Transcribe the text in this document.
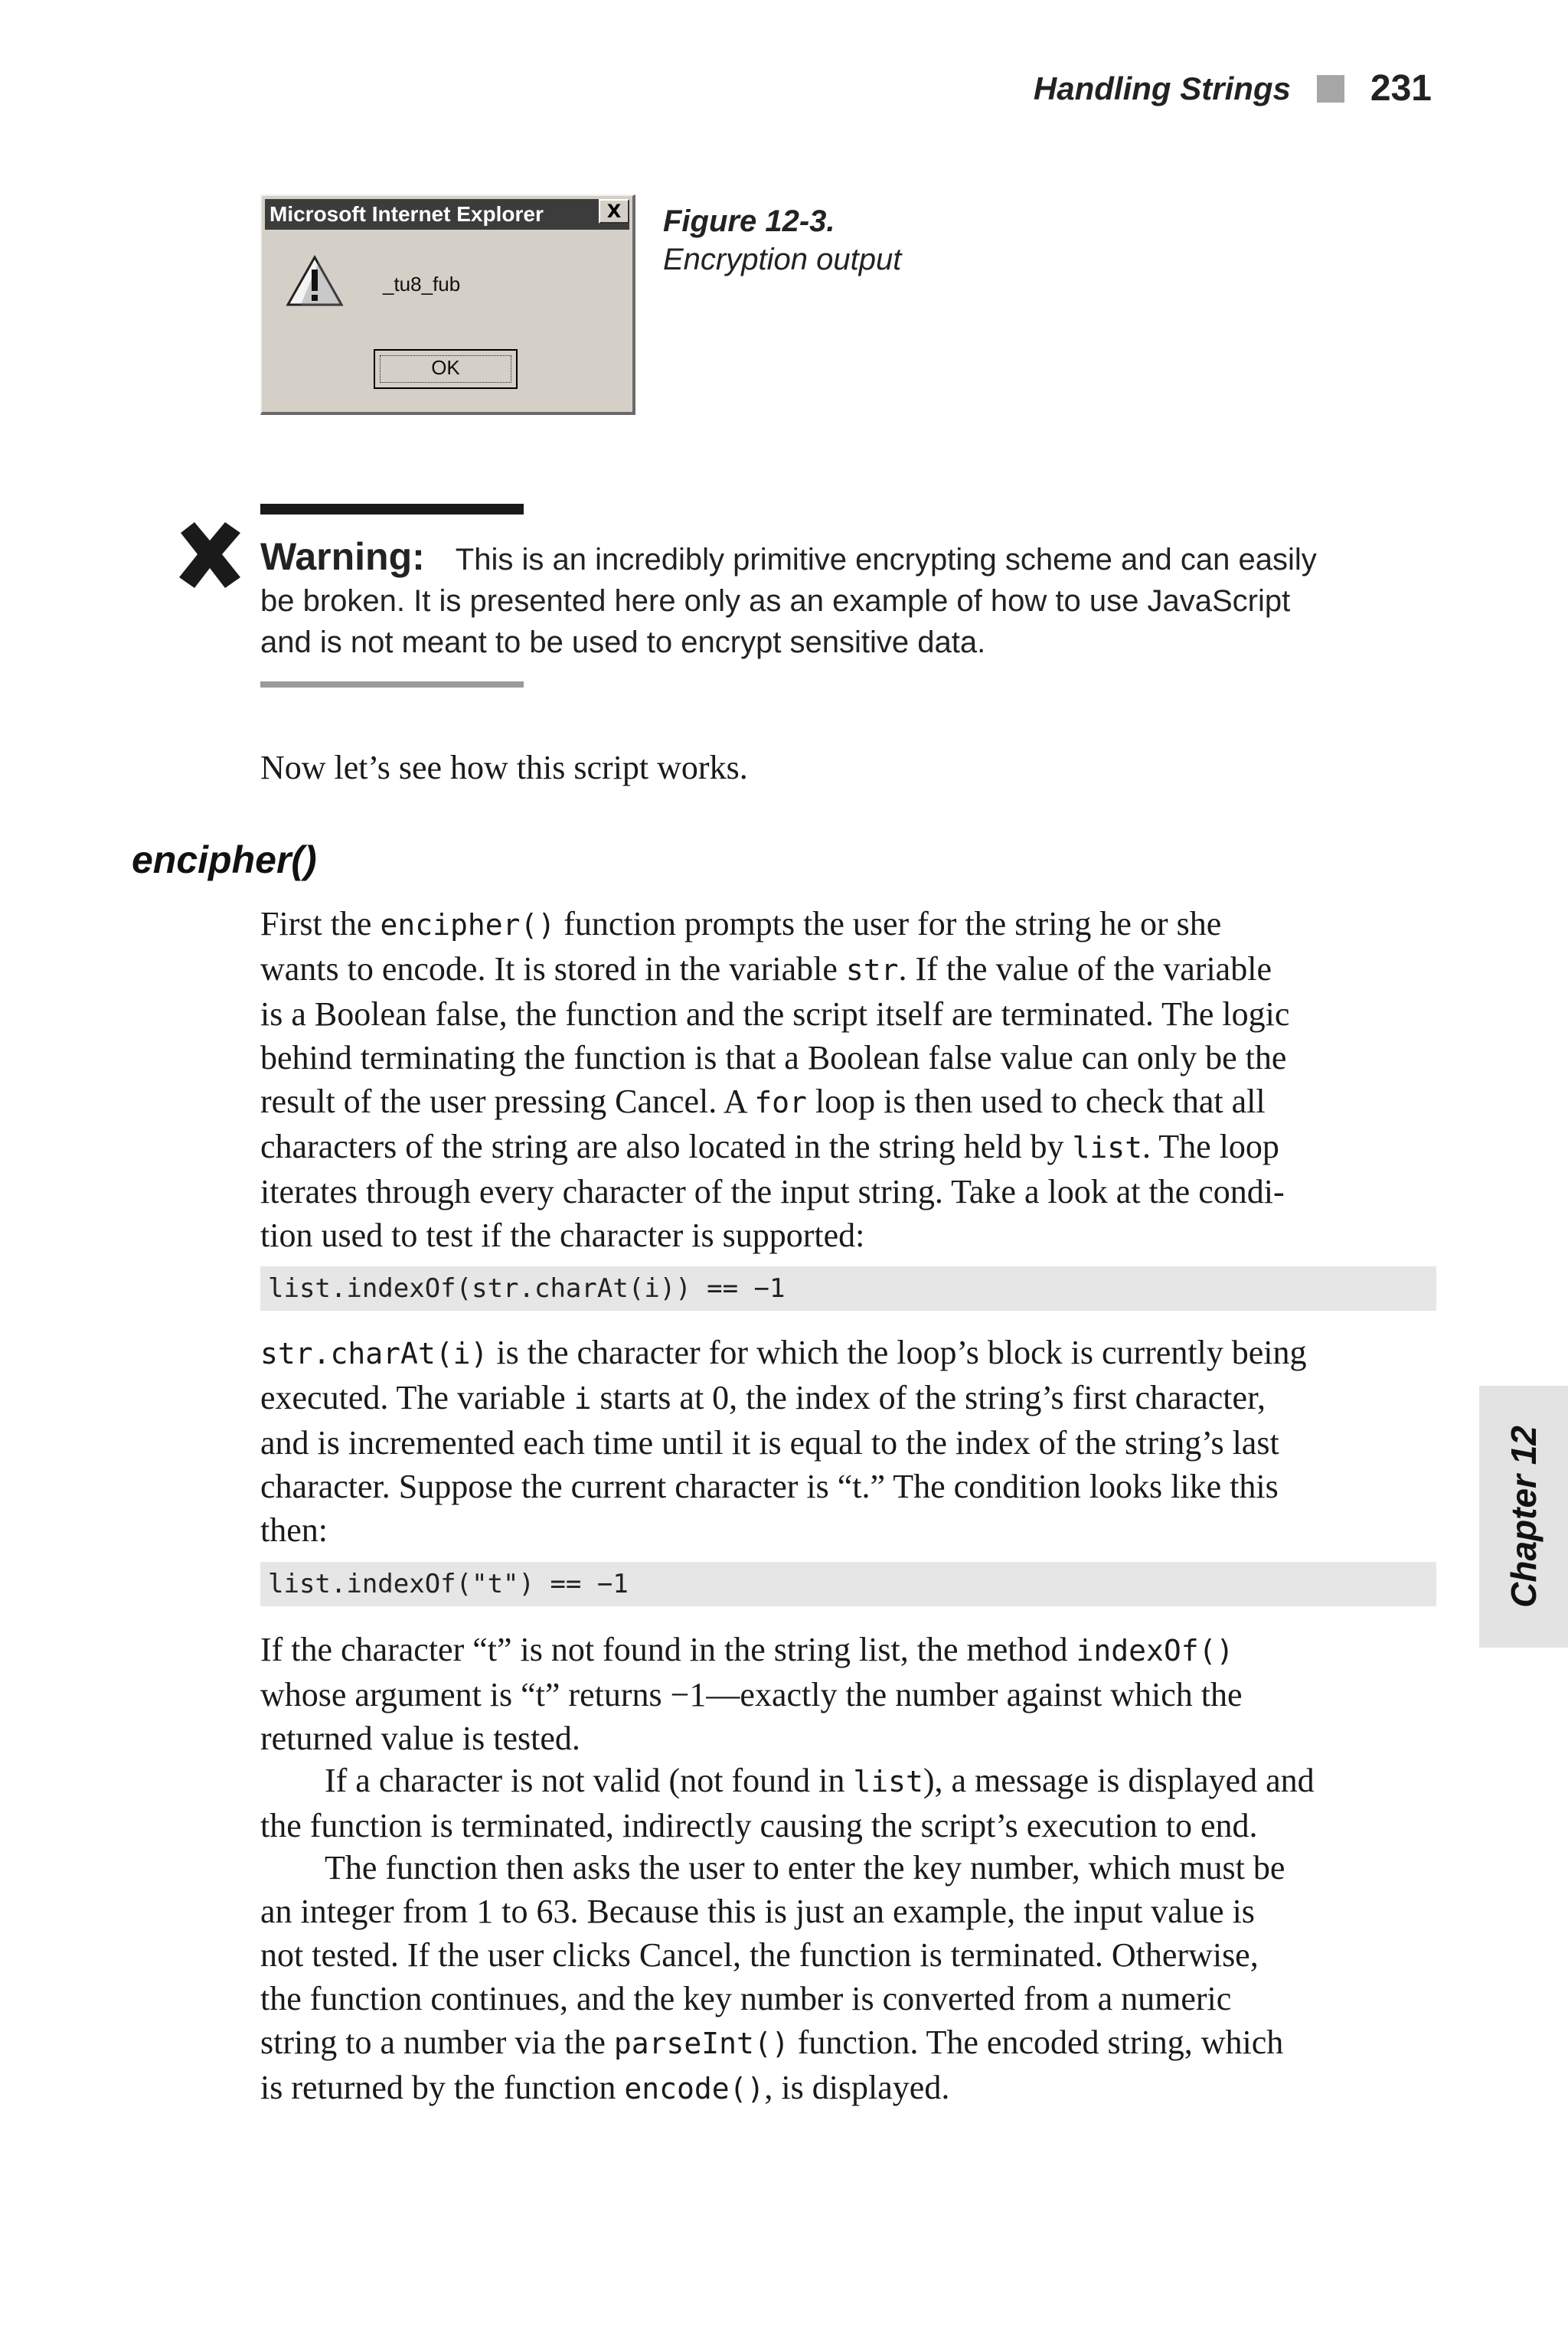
Handling Strings 231
Microsoft Internet Explorer	X
_tu8_fub
OK
Figure 12-3.
Encryption output
Warning: This is an incredibly primitive encrypting scheme and can easily
be broken. It is presented here only as an example of how to use JavaScript
and is not meant to be used to encrypt sensitive data.
Now let’s see how this script works.
encipher()
First the encipher() function prompts the user for the string he or she
wants to encode. It is stored in the variable str. If the value of the variable
is a Boolean false, the function and the script itself are terminated. The logic
behind terminating the function is that a Boolean false value can only be the
result of the user pressing Cancel. A for loop is then used to check that all
characters of the string are also located in the string held by list. The loop
iterates through every character of the input string. Take a look at the condi-
tion used to test if the character is supported:
list.indexOf(str.charAt(i)) == −1
str.charAt(i) is the character for which the loop’s block is currently being
executed. The variable i starts at 0, the index of the string’s first character,
and is incremented each time until it is equal to the index of the string’s last
character. Suppose the current character is “t.” The condition looks like this
then:
list.indexOf("t") == −1
If the character “t” is not found in the string list, the method indexOf()
whose argument is “t” returns −1—exactly the number against which the
returned value is tested.
If a character is not valid (not found in list), a message is displayed and
the function is terminated, indirectly causing the script’s execution to end.
The function then asks the user to enter the key number, which must be
an integer from 1 to 63. Because this is just an example, the input value is
not tested. If the user clicks Cancel, the function is terminated. Otherwise,
the function continues, and the key number is converted from a numeric
string to a number via the parseInt() function. The encoded string, which
is returned by the function encode(), is displayed.
Chapter 12
